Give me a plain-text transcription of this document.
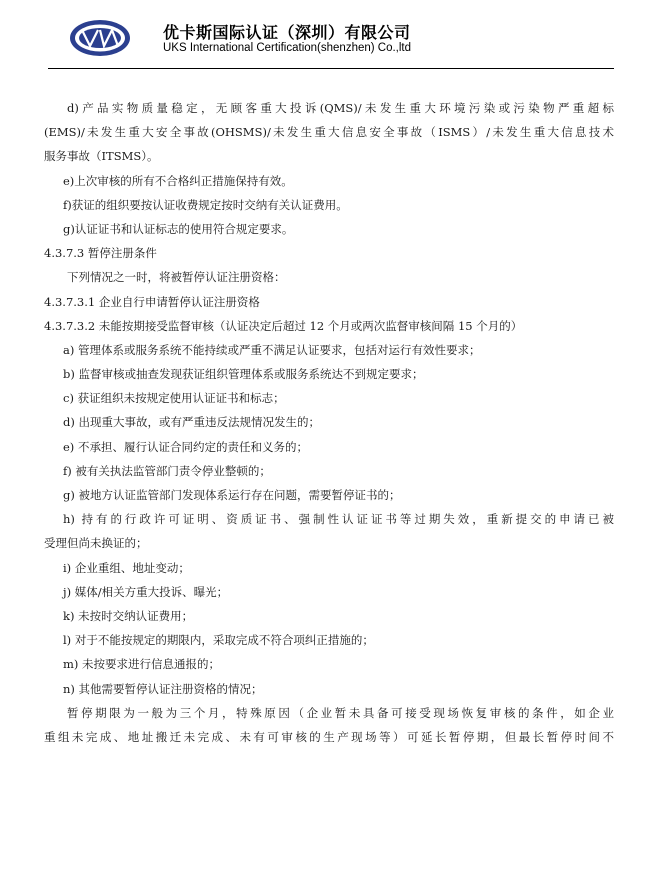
优卡斯国际认证（深圳）有限公司
UKS International Certification(shenzhen) Co.,ltd
d)产品实物质量稳定，无顾客重大投诉(QMS)/未发生重大环境污染或污染物严重超标
(EMS)/未发生重大安全事故(OHSMS)/未发生重大信息安全事故（ISMS）/未发生重大信息技术
服务事故（ITSMS）。
e)上次审核的所有不合格纠正措施保持有效。
f)获证的组织要按认证收费规定按时交纳有关认证费用。
g)认证证书和认证标志的使用符合规定要求。
4.3.7.3 暂停注册条件
下列情况之一时，将被暂停认证注册资格：
4.3.7.3.1 企业自行申请暂停认证注册资格
4.3.7.3.2 未能按期接受监督审核（认证决定后超过 12 个月或两次监督审核间隔 15 个月的）
a) 管理体系或服务系统不能持续或严重不满足认证要求，包括对运行有效性要求；
b) 监督审核或抽查发现获证组织管理体系或服务系统达不到规定要求；
c) 获证组织未按规定使用认证证书和标志；
d) 出现重大事故，或有严重违反法规情况发生的；
e) 不承担、履行认证合同约定的责任和义务的；
f) 被有关执法监管部门责令停业整顿的；
g) 被地方认证监管部门发现体系运行存在问题，需要暂停证书的；
h) 持有的行政许可证明、资质证书、强制性认证证书等过期失效，重新提交的申请已被
受理但尚未换证的；
i) 企业重组、地址变动；
j) 媒体/相关方重大投诉、曝光；
k) 未按时交纳认证费用；
l) 对于不能按规定的期限内，采取完成不符合项纠正措施的；
m) 未按要求进行信息通报的；
n) 其他需要暂停认证注册资格的情况；
暂停期限为一般为三个月，特殊原因（企业暂未具备可接受现场恢复审核的条件，如企业
重组未完成、地址搬迁未完成、未有可审核的生产现场等）可延长暂停期，但最长暂停时间不
